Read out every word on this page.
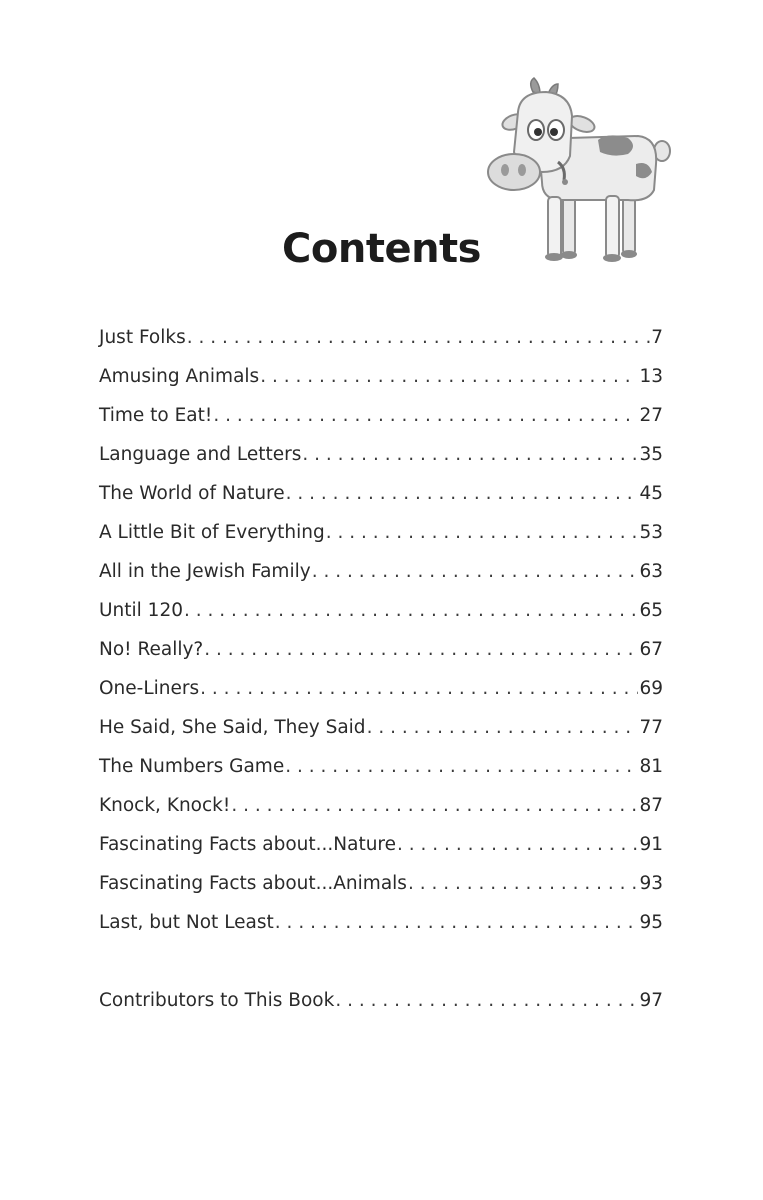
Contents
Just Folks . . .	7
Amusing Animals . . .	13
Time to Eat! . . .	27
Language and Letters . . .	35
The World of Nature . . .	45
A Little Bit of Everything . . .	53
All in the Jewish Family . . .	63
Until 120 . . .	65
No! Really? . . .	67
One-Liners . . .	69
He Said, She Said, They Said . . .	77
The Numbers Game . . .	81
Knock, Knock! . . .	87
Fascinating Facts about...Nature . . .	91
Fascinating Facts about...Animals . . .	93
Last, but Not Least . . .	95
Contributors to This Book . . .	97
